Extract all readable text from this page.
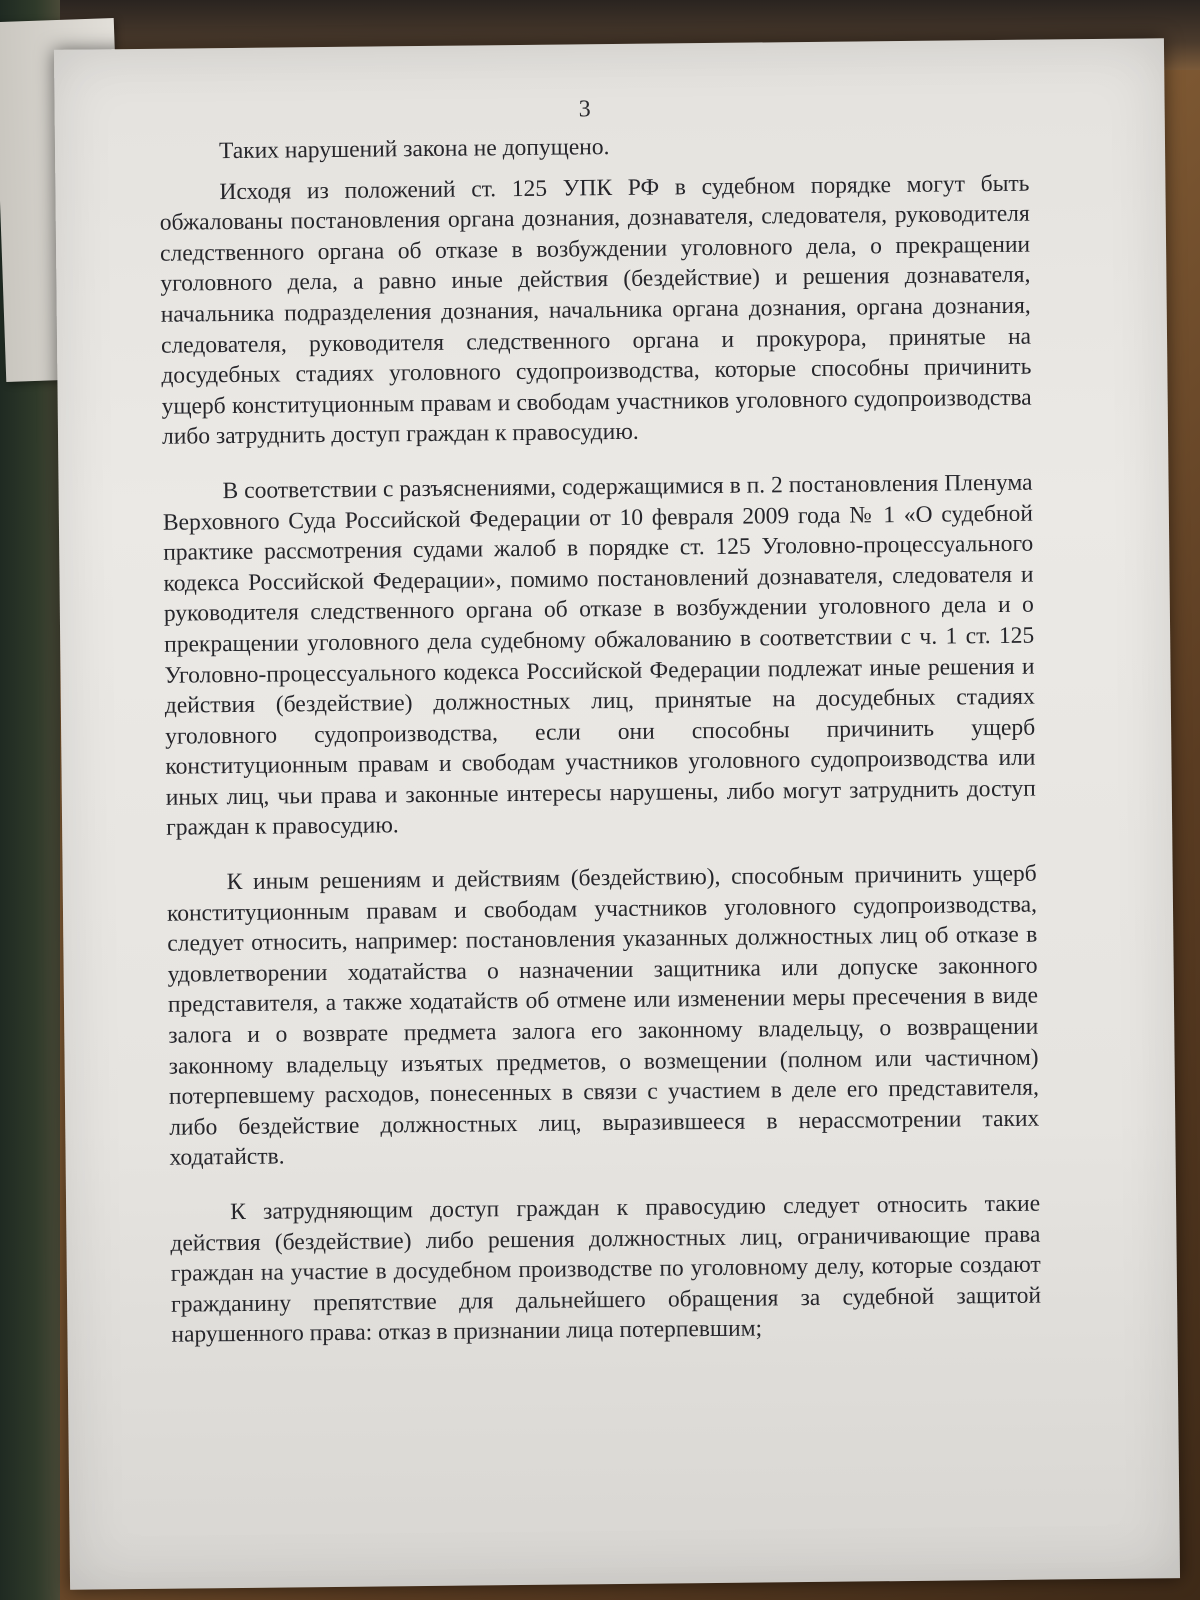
3

Таких нарушений закона не допущено.

Исходя из положений ст. 125 УПК РФ в судебном порядке могут быть обжалованы постановления органа дознания, дознавателя, следователя, руководителя следственного органа об отказе в возбуждении уголовного дела, о прекращении уголовного дела, а равно иные действия (бездействие) и решения дознавателя, начальника подразделения дознания, начальника органа дознания, органа дознания, следователя, руководителя следственного органа и прокурора, принятые на досудебных стадиях уголовного судопроизводства, которые способны причинить ущерб конституционным правам и свободам участников уголовного судопроизводства либо затруднить доступ граждан к правосудию.

В соответствии с разъяснениями, содержащимися в п. 2 постановления Пленума Верховного Суда Российской Федерации от 10 февраля 2009 года № 1 «О судебной практике рассмотрения судами жалоб в порядке ст. 125 Уголовно-процессуального кодекса Российской Федерации», помимо постановлений дознавателя, следователя и руководителя следственного органа об отказе в возбуждении уголовного дела и о прекращении уголовного дела судебному обжалованию в соответствии с ч. 1 ст. 125 Уголовно-процессуального кодекса Российской Федерации подлежат иные решения и действия (бездействие) должностных лиц, принятые на досудебных стадиях уголовного судопроизводства, если они способны причинить ущерб конституционным правам и свободам участников уголовного судопроизводства или иных лиц, чьи права и законные интересы нарушены, либо могут затруднить доступ граждан к правосудию.

К иным решениям и действиям (бездействию), способным причинить ущерб конституционным правам и свободам участников уголовного судопроизводства, следует относить, например: постановления указанных должностных лиц об отказе в удовлетворении ходатайства о назначении защитника или допуске законного представителя, а также ходатайств об отмене или изменении меры пресечения в виде залога и о возврате предмета залога его законному владельцу, о возвращении законному владельцу изъятых предметов, о возмещении (полном или частичном) потерпевшему расходов, понесенных в связи с участием в деле его представителя, либо бездействие должностных лиц, выразившееся в нерассмотрении таких ходатайств.

К затрудняющим доступ граждан к правосудию следует относить такие действия (бездействие) либо решения должностных лиц, ограничивающие права граждан на участие в досудебном производстве по уголовному делу, которые создают гражданину препятствие для дальнейшего обращения за судебной защитой нарушенного права: отказ в признании лица потерпевшим;
